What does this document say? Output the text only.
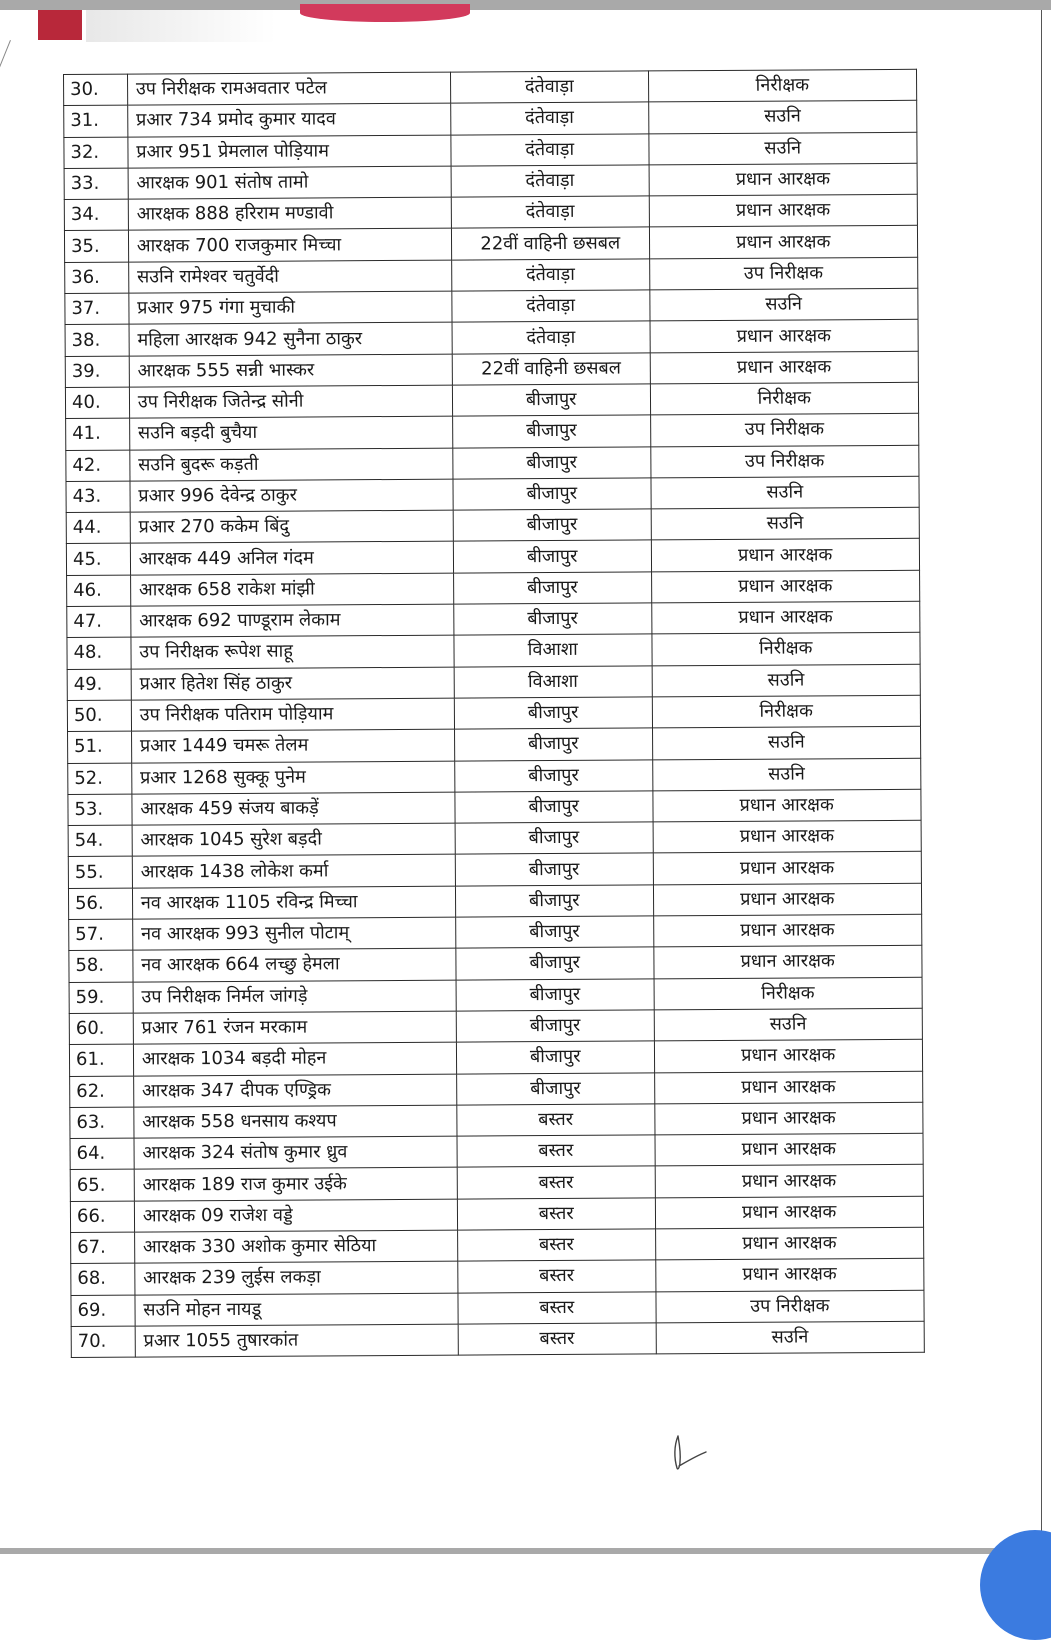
30.	उप निरीक्षक रामअवतार पटेल	दंतेवाड़ा	निरीक्षक
31.	प्रआर 734 प्रमोद कुमार यादव	दंतेवाड़ा	सउनि
32.	प्रआर 951 प्रेमलाल पोड़ियाम	दंतेवाड़ा	सउनि
33.	आरक्षक 901 संतोष तामो	दंतेवाड़ा	प्रधान आरक्षक
34.	आरक्षक 888 हरिराम मण्डावी	दंतेवाड़ा	प्रधान आरक्षक
35.	आरक्षक 700 राजकुमार मिच्चा	22वीं वाहिनी छसबल	प्रधान आरक्षक
36.	सउनि रामेश्वर चतुर्वेदी	दंतेवाड़ा	उप निरीक्षक
37.	प्रआर 975 गंगा मुचाकी	दंतेवाड़ा	सउनि
38.	महिला आरक्षक 942 सुनैना ठाकुर	दंतेवाड़ा	प्रधान आरक्षक
39.	आरक्षक 555 सन्नी भास्कर	22वीं वाहिनी छसबल	प्रधान आरक्षक
40.	उप निरीक्षक जितेन्द्र सोनी	बीजापुर	निरीक्षक
41.	सउनि बड़दी बुचैया	बीजापुर	उप निरीक्षक
42.	सउनि बुदरू कड़ती	बीजापुर	उप निरीक्षक
43.	प्रआर 996 देवेन्द्र ठाकुर	बीजापुर	सउनि
44.	प्रआर 270 ककेम बिंदु	बीजापुर	सउनि
45.	आरक्षक 449 अनिल गंदम	बीजापुर	प्रधान आरक्षक
46.	आरक्षक 658 राकेश मांझी	बीजापुर	प्रधान आरक्षक
47.	आरक्षक 692 पाण्डूराम लेकाम	बीजापुर	प्रधान आरक्षक
48.	उप निरीक्षक रूपेश साहू	विआशा	निरीक्षक
49.	प्रआर हितेश सिंह ठाकुर	विआशा	सउनि
50.	उप निरीक्षक पतिराम पोड़ियाम	बीजापुर	निरीक्षक
51.	प्रआर 1449 चमरू तेलम	बीजापुर	सउनि
52.	प्रआर 1268 सुक्कू पुनेम	बीजापुर	सउनि
53.	आरक्षक 459 संजय बाकड़ें	बीजापुर	प्रधान आरक्षक
54.	आरक्षक 1045 सुरेश बड़दी	बीजापुर	प्रधान आरक्षक
55.	आरक्षक 1438 लोकेश कर्मा	बीजापुर	प्रधान आरक्षक
56.	नव आरक्षक 1105 रविन्द्र मिच्चा	बीजापुर	प्रधान आरक्षक
57.	नव आरक्षक 993 सुनील पोटाम्	बीजापुर	प्रधान आरक्षक
58.	नव आरक्षक 664 लच्छु हेमला	बीजापुर	प्रधान आरक्षक
59.	उप निरीक्षक निर्मल जांगड़े	बीजापुर	निरीक्षक
60.	प्रआर 761 रंजन मरकाम	बीजापुर	सउनि
61.	आरक्षक 1034 बड़दी मोहन	बीजापुर	प्रधान आरक्षक
62.	आरक्षक 347 दीपक एण्ड्रिक	बीजापुर	प्रधान आरक्षक
63.	आरक्षक 558 धनसाय कश्यप	बस्तर	प्रधान आरक्षक
64.	आरक्षक 324 संतोष कुमार ध्रुव	बस्तर	प्रधान आरक्षक
65.	आरक्षक 189 राज कुमार उईके	बस्तर	प्रधान आरक्षक
66.	आरक्षक 09 राजेश वड्डे	बस्तर	प्रधान आरक्षक
67.	आरक्षक 330 अशोक कुमार सेठिया	बस्तर	प्रधान आरक्षक
68.	आरक्षक 239 लुईस लकड़ा	बस्तर	प्रधान आरक्षक
69.	सउनि मोहन नायडू	बस्तर	उप निरीक्षक
70.	प्रआर 1055 तुषारकांत	बस्तर	सउनि
